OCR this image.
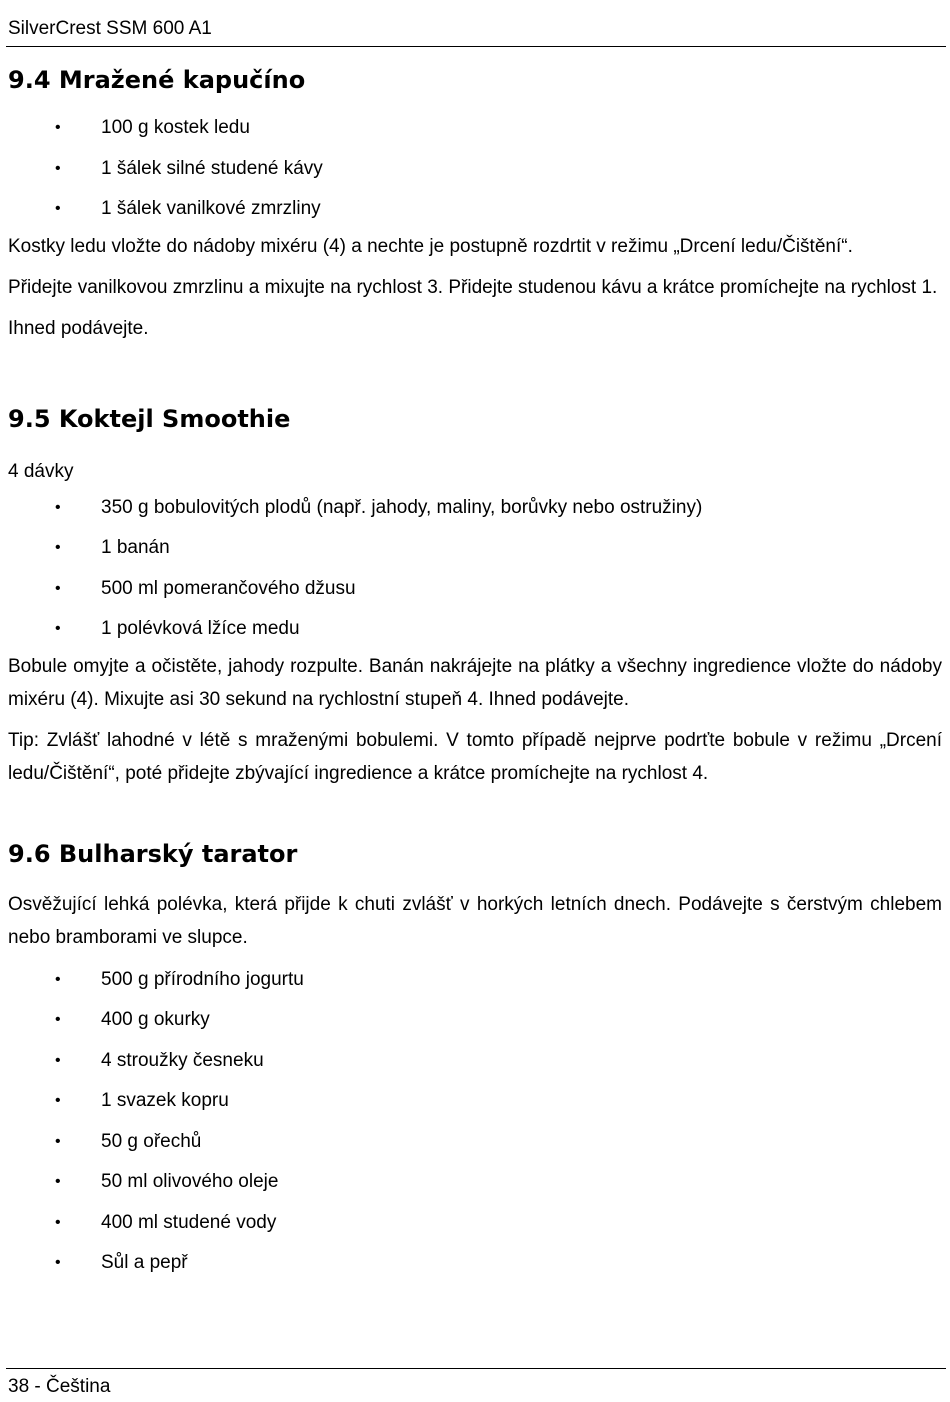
SilverCrest SSM 600 A1
9.4 Mražené kapučíno
• 100 g kostek ledu
• 1 šálek silné studené kávy
• 1 šálek vanilkové zmrzliny

Kostky ledu vložte do nádoby mixéru (4) a nechte je postupně rozdrtit v režimu „Drcení ledu/Čištění“.

Přidejte vanilkovou zmrzlinu a mixujte na rychlost 3. Přidejte studenou kávu a krátce promíchejte na rychlost 1.

Ihned podávejte.

9.5 Koktejl Smoothie

4 dávky

• 350 g bobulovitých plodů (např. jahody, maliny, borůvky nebo ostružiny)
• 1 banán
• 500 ml pomerančového džusu
• 1 polévková lžíce medu

Bobule omyjte a očistěte, jahody rozpulte. Banán nakrájejte na plátky a všechny ingredience vložte do nádoby mixéru (4). Mixujte asi 30 sekund na rychlostní stupeň 4. Ihned podávejte.

Tip: Zvlášť lahodné v létě s mraženými bobulemi. V tomto případě nejprve podrťte bobule v režimu „Drcení ledu/Čištění“, poté přidejte zbývající ingredience a krátce promíchejte na rychlost 4.

9.6 Bulharský tarator

Osvěžující lehká polévka, která přijde k chuti zvlášť v horkých letních dnech. Podávejte s čerstvým chlebem nebo bramborami ve slupce.

• 500 g přírodního jogurtu
• 400 g okurky
• 4 stroužky česneku
• 1 svazek kopru
• 50 g ořechů
• 50 ml olivového oleje
• 400 ml studené vody
• Sůl a pepř
38 - Čeština
